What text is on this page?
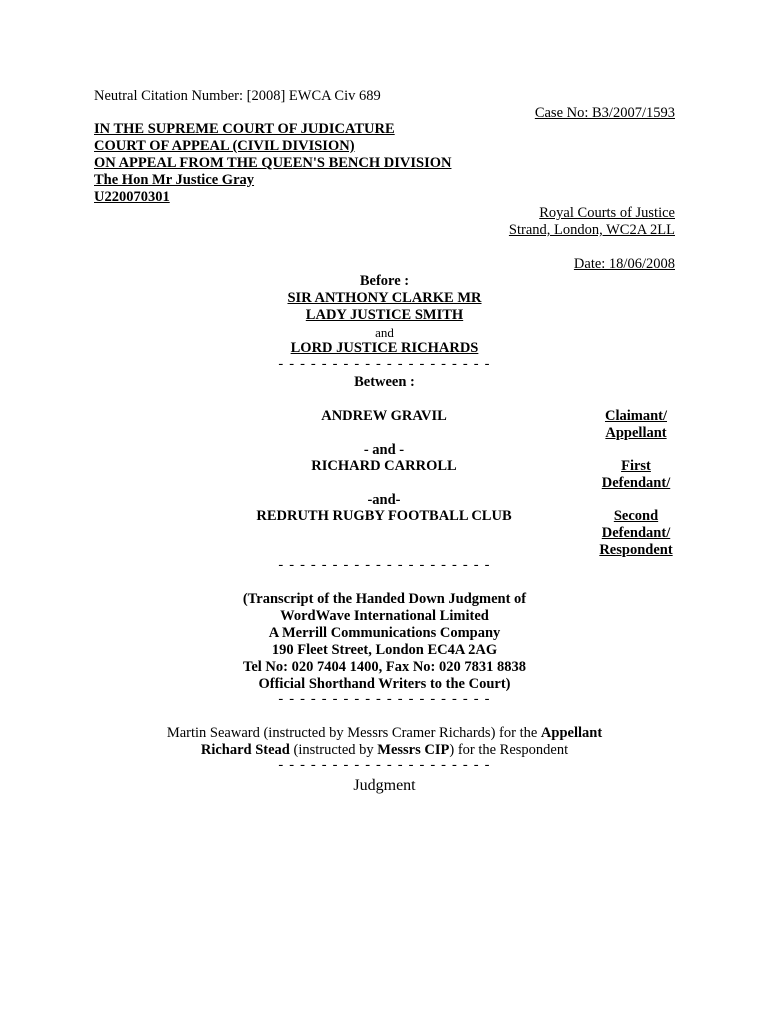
Neutral Citation Number: [2008] EWCA Civ 689
Case No: B3/2007/1593
IN THE SUPREME COURT OF JUDICATURE
COURT OF APPEAL (CIVIL DIVISION)
ON APPEAL FROM THE QUEEN'S BENCH DIVISION
The Hon Mr Justice Gray
U220070301
Royal Courts of Justice
Strand, London, WC2A 2LL
Date: 18/06/2008
Before :
SIR ANTHONY CLARKE MR
LADY JUSTICE SMITH
and
LORD JUSTICE RICHARDS
- - - - - - - - - - - - - - - - - - - -
Between :
ANDREW GRAVIL	Claimant/
Appellant
- and -
RICHARD CARROLL	First
Defendant/
-and-
REDRUTH RUGBY FOOTBALL CLUB	Second
Defendant/
Respondent
- - - - - - - - - - - - - - - - - - - -
(Transcript of the Handed Down Judgment of
WordWave International Limited
A Merrill Communications Company
190 Fleet Street, London EC4A 2AG
Tel No: 020 7404 1400, Fax No: 020 7831 8838
Official Shorthand Writers to the Court)
- - - - - - - - - - - - - - - - - - - -
Martin Seaward (instructed by Messrs Cramer Richards) for the Appellant
Richard Stead (instructed by Messrs CIP) for the Respondent
- - - - - - - - - - - - - - - - - - - -
Judgment
